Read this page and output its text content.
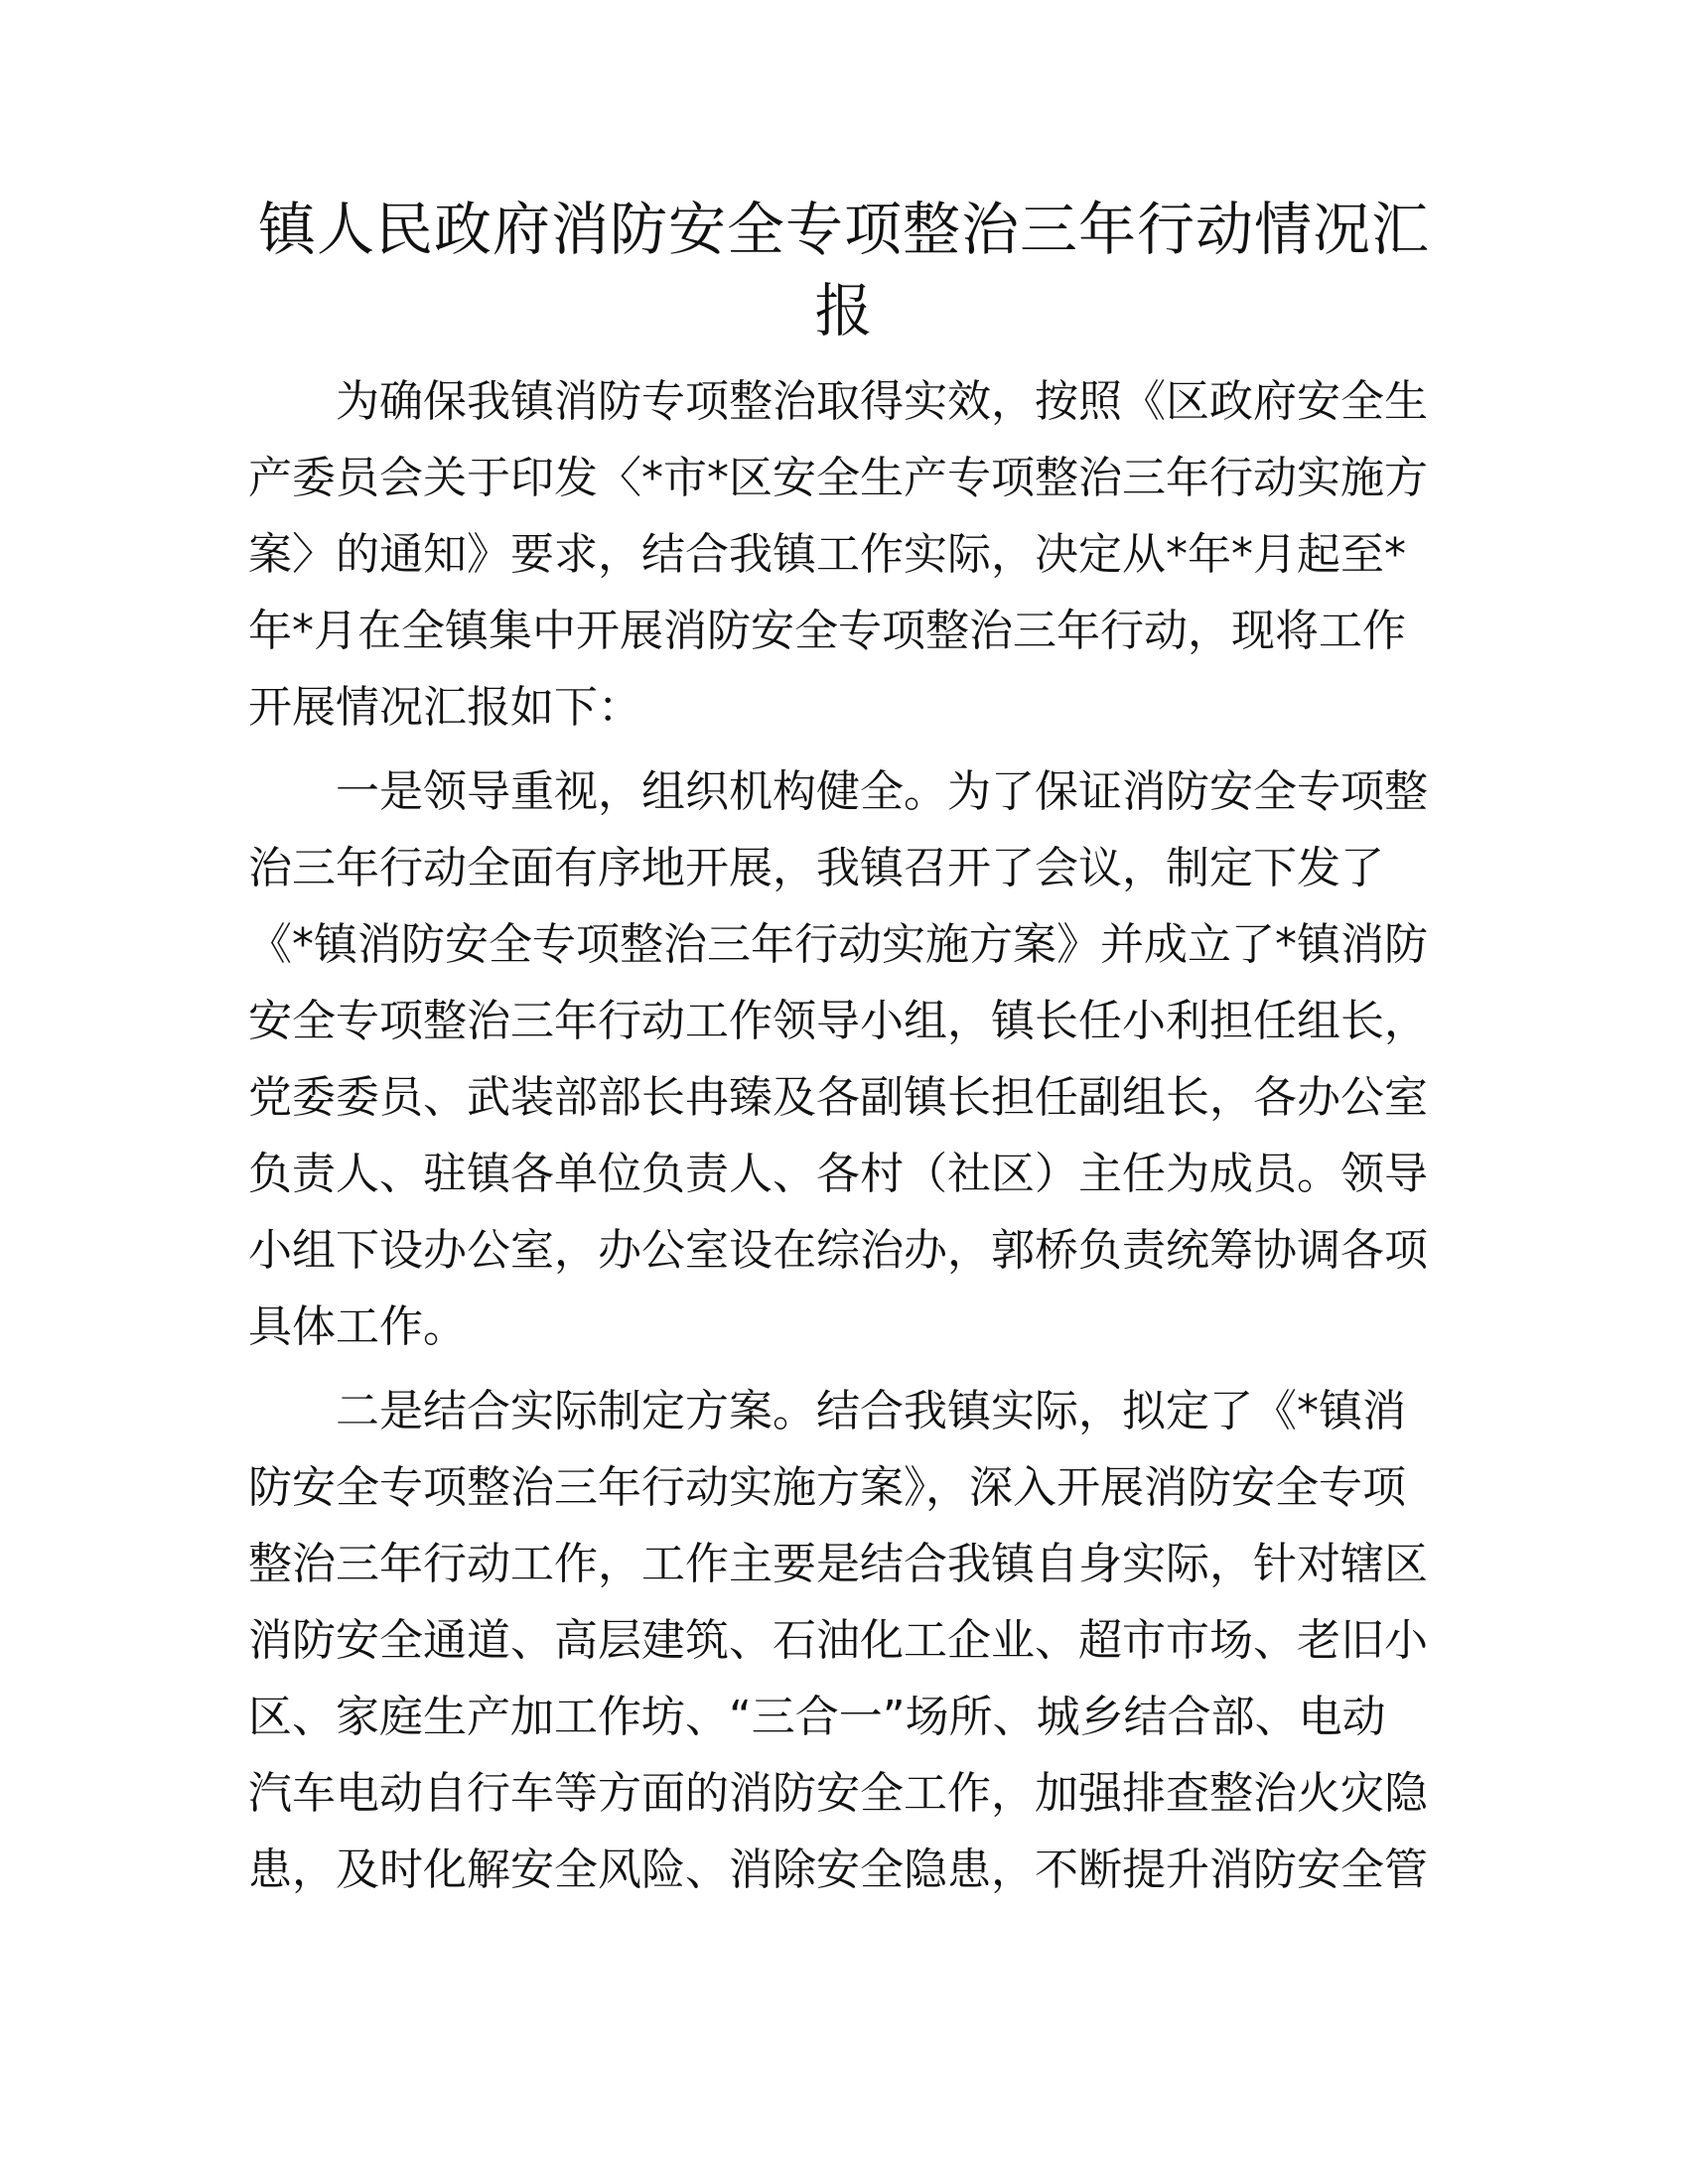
镇人民政府消防安全专项整治三年行动情况汇
报

为确保我镇消防专项整治取得实效，按照《区政府安全生
产委员会关于印发〈*市*区安全生产专项整治三年行动实施方
案〉的通知》要求，结合我镇工作实际，决定从*年*月起至*
年*月在全镇集中开展消防安全专项整治三年行动，现将工作
开展情况汇报如下：

一是领导重视，组织机构健全。为了保证消防安全专项整
治三年行动全面有序地开展，我镇召开了会议，制定下发了
《*镇消防安全专项整治三年行动实施方案》并成立了*镇消防
安全专项整治三年行动工作领导小组，镇长任小利担任组长，
党委委员、武装部部长冉臻及各副镇长担任副组长，各办公室
负责人、驻镇各单位负责人、各村（社区）主任为成员。领导
小组下设办公室，办公室设在综治办，郭桥负责统筹协调各项
具体工作。

二是结合实际制定方案。结合我镇实际，拟定了《*镇消
防安全专项整治三年行动实施方案》，深入开展消防安全专项
整治三年行动工作，工作主要是结合我镇自身实际，针对辖区
消防安全通道、高层建筑、石油化工企业、超市市场、老旧小
区、家庭生产加工作坊、“三合一”场所、城乡结合部、电动
汽车电动自行车等方面的消防安全工作，加强排查整治火灾隐
患，及时化解安全风险、消除安全隐患，不断提升消防安全管
